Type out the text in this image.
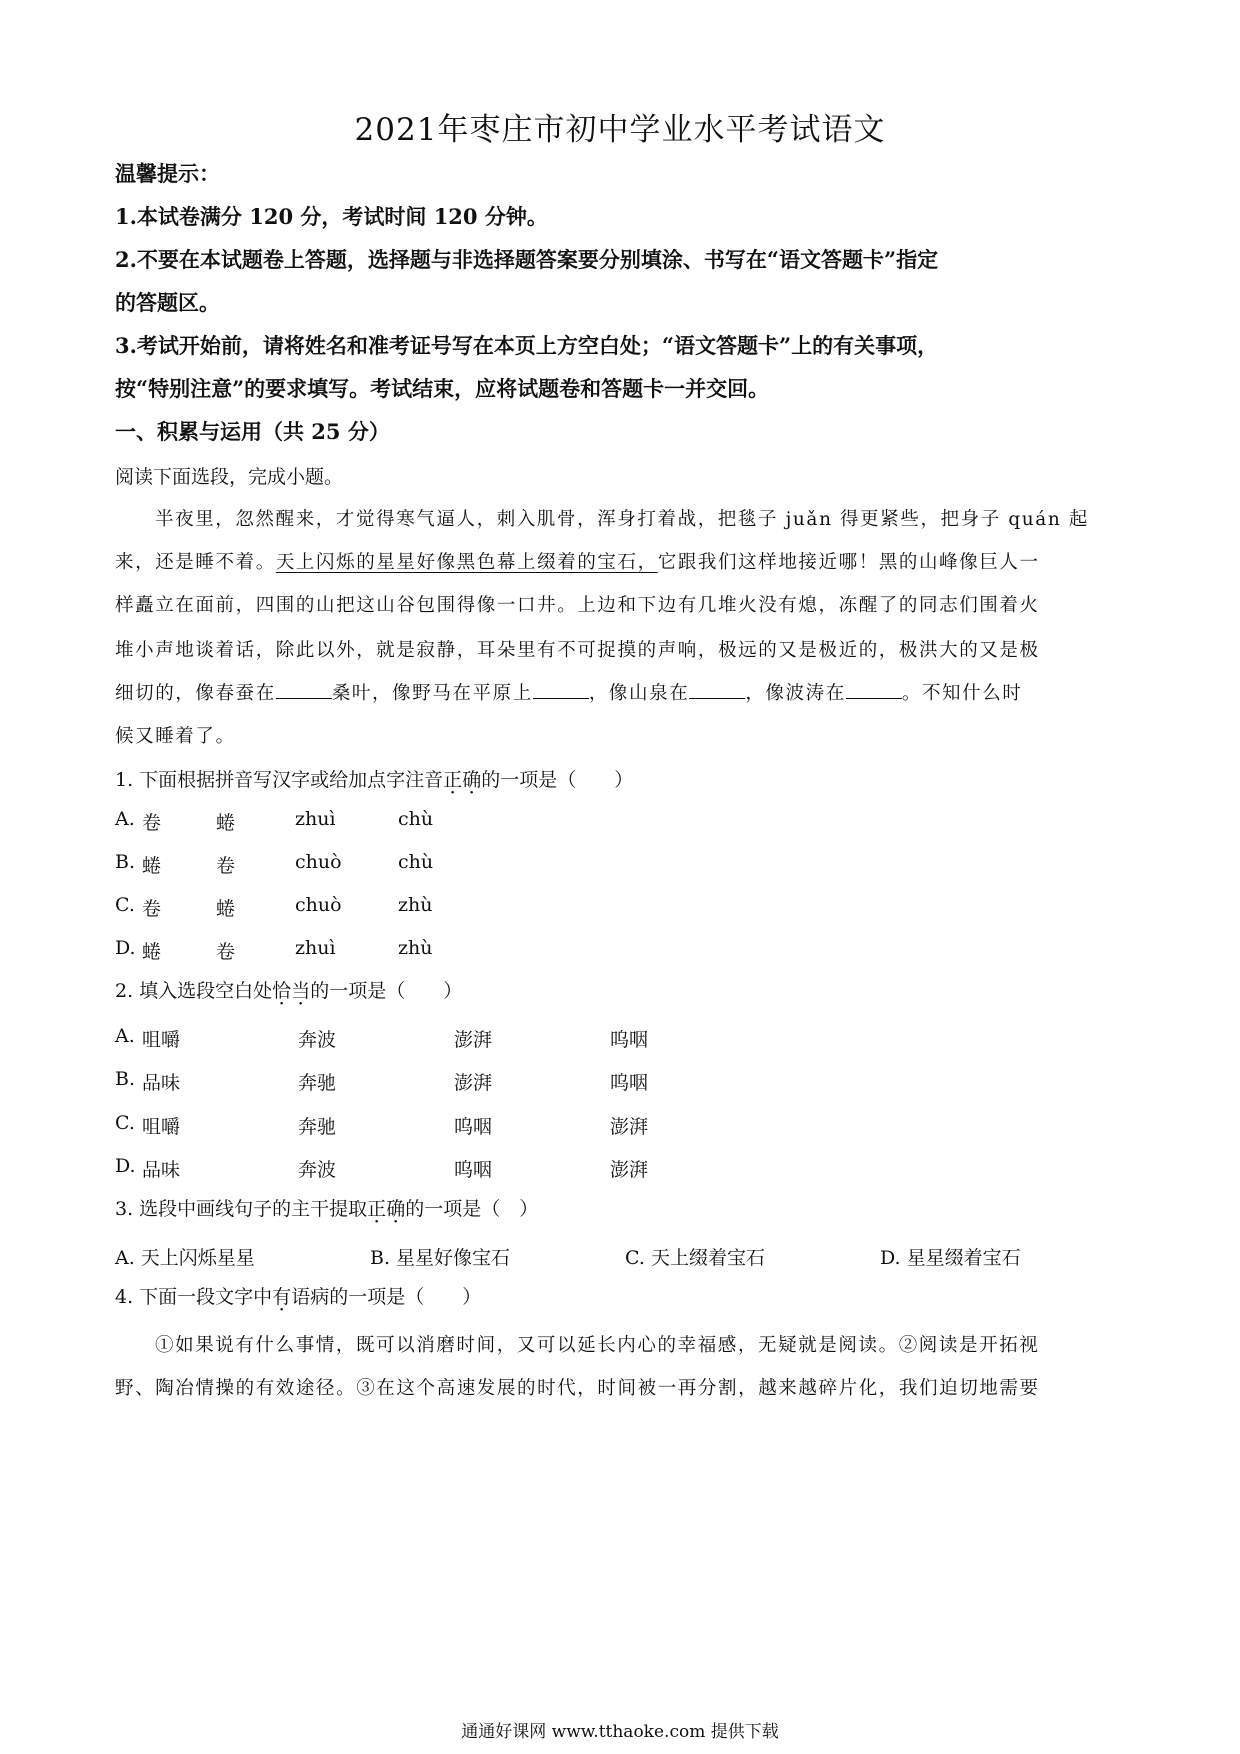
2021年枣庄市初中学业水平考试语文
温馨提示：
1.本试卷满分 120 分，考试时间 120 分钟。
2.不要在本试题卷上答题，选择题与非选择题答案要分别填涂、书写在“语文答题卡”指定
的答题区。
3.考试开始前，请将姓名和准考证号写在本页上方空白处；“语文答题卡”上的有关事项，
按“特别注意”的要求填写。考试结束，应将试题卷和答题卡一并交回。
一、积累与运用（共 25 分）
阅读下面选段，完成小题。
半夜里，忽然醒来，才觉得寒气逼人，刺入肌骨，浑身打着战，把毯子 juǎn 得更紧些，把身子 quán 起
来，还是睡不着。天上闪烁的星星好像黑色幕上缀着的宝石，它跟我们这样地接近哪！黑的山峰像巨人一
样矗立在面前，四围的山把这山谷包围得像一口井。上边和下边有几堆火没有熄，冻醒了的同志们围着火
堆小声地谈着话，除此以外，就是寂静，耳朵里有不可捉摸的声响，极远的又是极近的，极洪大的又是极
细切的，像春蚕在	桑叶，像野马在平原上	，像山泉在	，像波涛在	。不知什么时
候又睡着了。
1. 下面根据拼音写汉字或给加点字注音正确的一项是（　　）
A. 卷	蜷	zhuì	chù
B. 蜷	卷	chuò	chù
C. 卷	蜷	chuò	zhù
D. 蜷	卷	zhuì	zhù
2. 填入选段空白处恰当的一项是（　　）
A. 咀嚼	奔波	澎湃	呜咽
B. 品味	奔驰	澎湃	呜咽
C. 咀嚼	奔驰	呜咽	澎湃
D. 品味	奔波	呜咽	澎湃
3. 选段中画线句子的主干提取正确的一项是（　）
A. 天上闪烁星星	B. 星星好像宝石	C. 天上缀着宝石	D. 星星缀着宝石
4. 下面一段文字中有语病的一项是（　　）
①如果说有什么事情，既可以消磨时间，又可以延长内心的幸福感，无疑就是阅读。②阅读是开拓视
野、陶冶情操的有效途径。③在这个高速发展的时代，时间被一再分割，越来越碎片化，我们迫切地需要
通通好课网 www.tthaoke.com 提供下载
